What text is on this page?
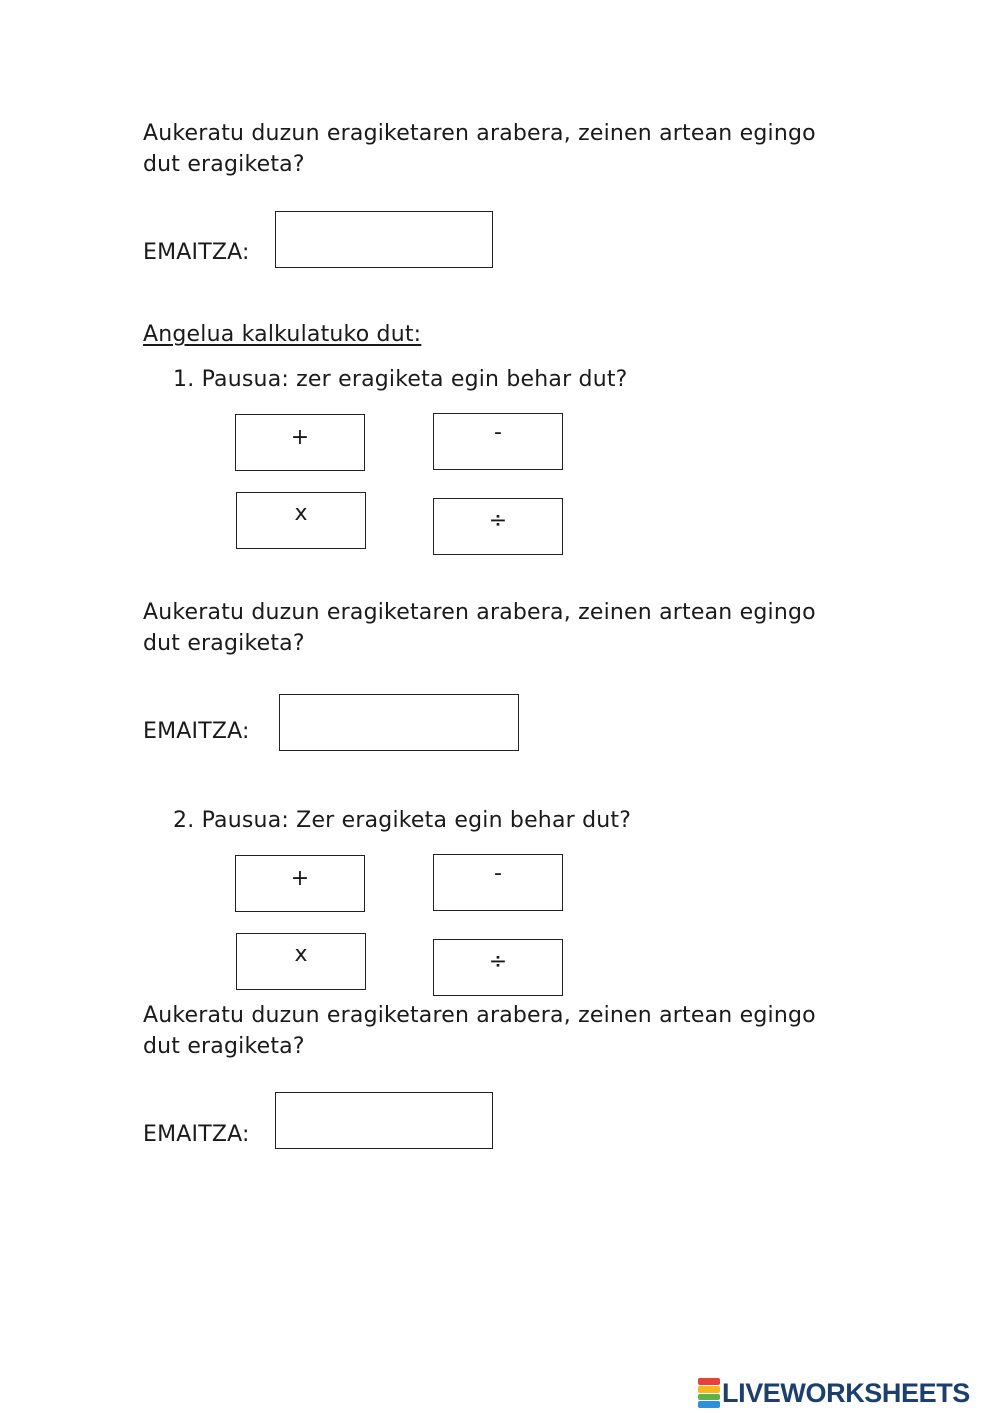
Aukeratu duzun eragiketaren arabera, zeinen artean egingo
dut eragiketa?
EMAITZA:
Angelua kalkulatuko dut:
1. Pausua: zer eragiketa egin behar dut?
+	-
x	÷
Aukeratu duzun eragiketaren arabera, zeinen artean egingo
dut eragiketa?
EMAITZA:
2. Pausua: Zer eragiketa egin behar dut?
+	-
x	÷
Aukeratu duzun eragiketaren arabera, zeinen artean egingo
dut eragiketa?
EMAITZA:
LIVEWORKSHEETS
